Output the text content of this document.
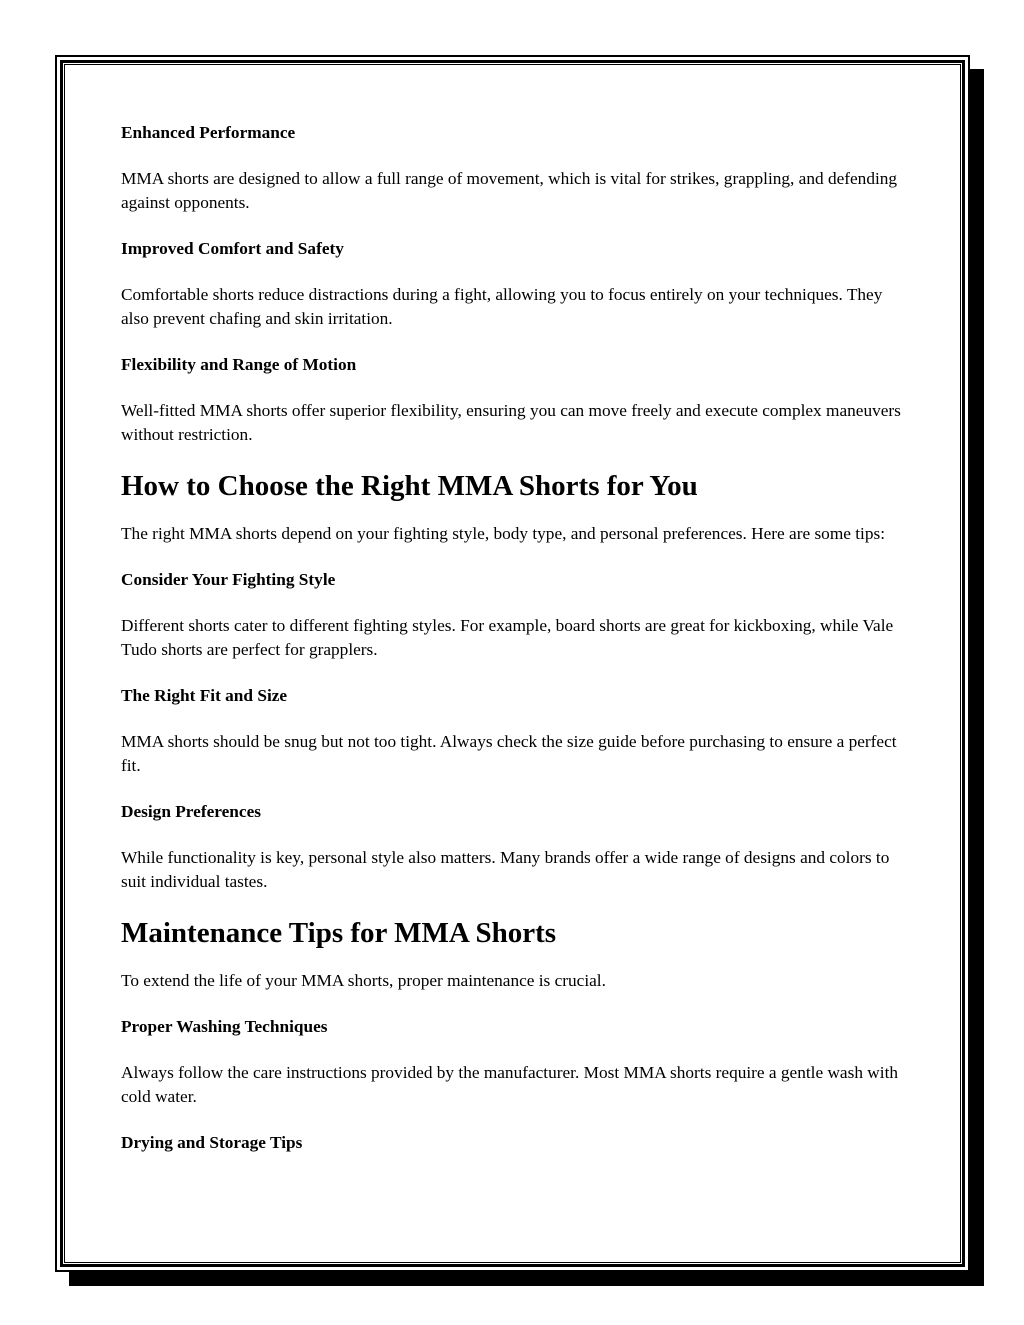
Enhanced Performance

MMA shorts are designed to allow a full range of movement, which is vital for strikes, grappling, and defending against opponents.

Improved Comfort and Safety

Comfortable shorts reduce distractions during a fight, allowing you to focus entirely on your techniques. They also prevent chafing and skin irritation.

Flexibility and Range of Motion

Well-fitted MMA shorts offer superior flexibility, ensuring you can move freely and execute complex maneuvers without restriction.

How to Choose the Right MMA Shorts for You

The right MMA shorts depend on your fighting style, body type, and personal preferences. Here are some tips:

Consider Your Fighting Style

Different shorts cater to different fighting styles. For example, board shorts are great for kickboxing, while Vale Tudo shorts are perfect for grapplers.

The Right Fit and Size

MMA shorts should be snug but not too tight. Always check the size guide before purchasing to ensure a perfect fit.

Design Preferences

While functionality is key, personal style also matters. Many brands offer a wide range of designs and colors to suit individual tastes.

Maintenance Tips for MMA Shorts

To extend the life of your MMA shorts, proper maintenance is crucial.

Proper Washing Techniques

Always follow the care instructions provided by the manufacturer. Most MMA shorts require a gentle wash with cold water.

Drying and Storage Tips
